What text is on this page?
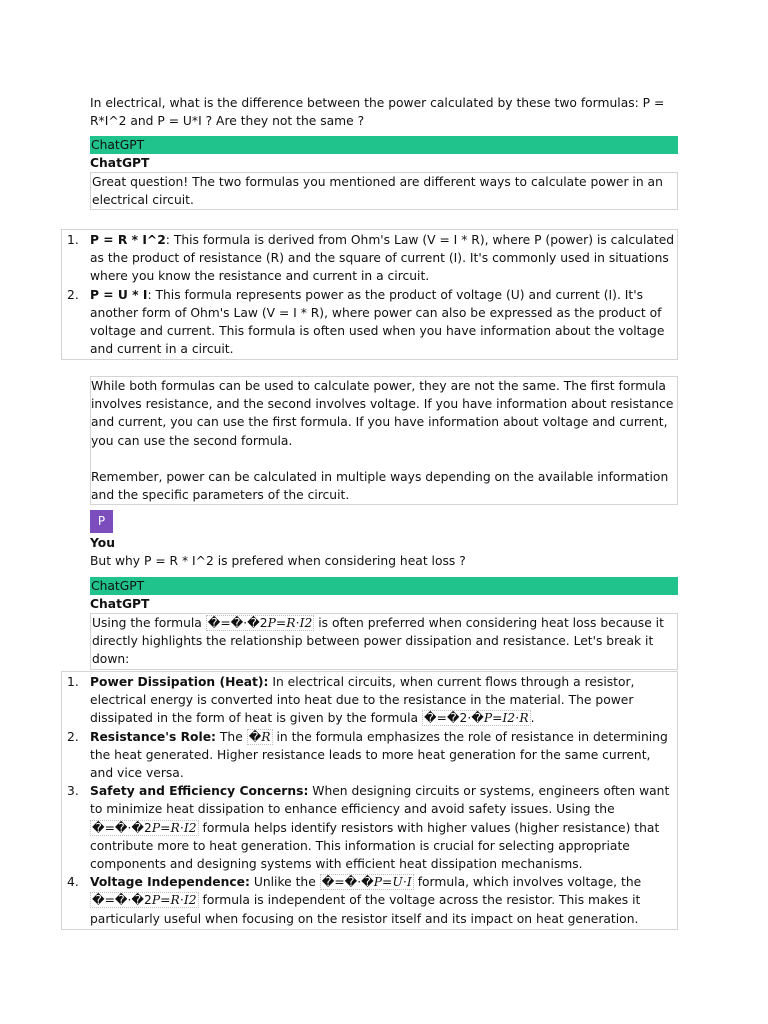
In electrical, what is the difference between the power calculated by these two formulas: P = R*I^2 and P = U*I ? Are they not the same ?

ChatGPT
ChatGPT

Great question! The two formulas you mentioned are different ways to calculate power in an electrical circuit.

1. P = R * I^2: This formula is derived from Ohm's Law (V = I * R), where P (power) is calculated as the product of resistance (R) and the square of current (I). It's commonly used in situations where you know the resistance and current in a circuit.
2. P = U * I: This formula represents power as the product of voltage (U) and current (I). It's another form of Ohm's Law (V = I * R), where power can also be expressed as the product of voltage and current. This formula is often used when you have information about the voltage and current in a circuit.

While both formulas can be used to calculate power, they are not the same. The first formula involves resistance, and the second involves voltage. If you have information about resistance and current, you can use the first formula. If you have information about voltage and current, you can use the second formula.

Remember, power can be calculated in multiple ways depending on the available information and the specific parameters of the circuit.

P
You

But why P = R * I^2 is prefered when considering heat loss ?

ChatGPT
ChatGPT

Using the formula �=�⋅�2P=R⋅I2 is often preferred when considering heat loss because it directly highlights the relationship between power dissipation and resistance. Let's break it down:

1. Power Dissipation (Heat): In electrical circuits, when current flows through a resistor, electrical energy is converted into heat due to the resistance in the material. The power dissipated in the form of heat is given by the formula �=�2⋅�P=I2⋅R .
2. Resistance's Role: The �R in the formula emphasizes the role of resistance in determining the heat generated. Higher resistance leads to more heat generation for the same current, and vice versa.
3. Safety and Efficiency Concerns: When designing circuits or systems, engineers often want to minimize heat dissipation to enhance efficiency and avoid safety issues. Using the �=�⋅�2P=R⋅I2 formula helps identify resistors with higher values (higher resistance) that contribute more to heat generation. This information is crucial for selecting appropriate components and designing systems with efficient heat dissipation mechanisms.
4. Voltage Independence: Unlike the �=�⋅�P=U⋅I formula, which involves voltage, the �=�⋅�2P=R⋅I2 formula is independent of the voltage across the resistor. This makes it particularly useful when focusing on the resistor itself and its impact on heat generation.
